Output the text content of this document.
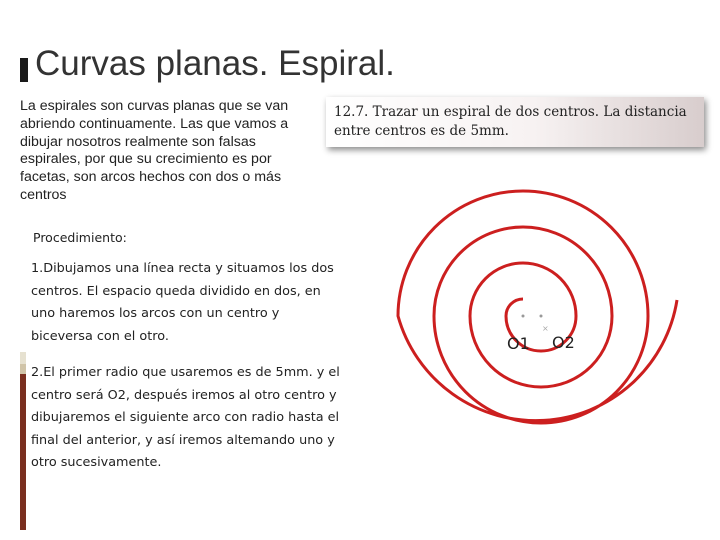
Curvas planas. Espiral.
La espirales son curvas planas que se van abriendo continuamente. Las que vamos a dibujar nosotros realmente son falsas espirales, por que su crecimiento es por facetas, son arcos hechos con dos o más centros
12.7. Trazar un espiral de dos centros. La distancia entre centros es de 5mm.
Procedimiento:
1.Dibujamos una línea recta y situamos los dos centros. El espacio queda dividido en dos, en uno haremos los arcos con un centro y biceversa con el otro.
2.El primer radio que usaremos es de 5mm. y el centro será O2, después iremos al otro centro y dibujaremos el siguiente arco con radio hasta el final del anterior, y así iremos altemando uno y otro sucesivamente.
×
O1 O2
